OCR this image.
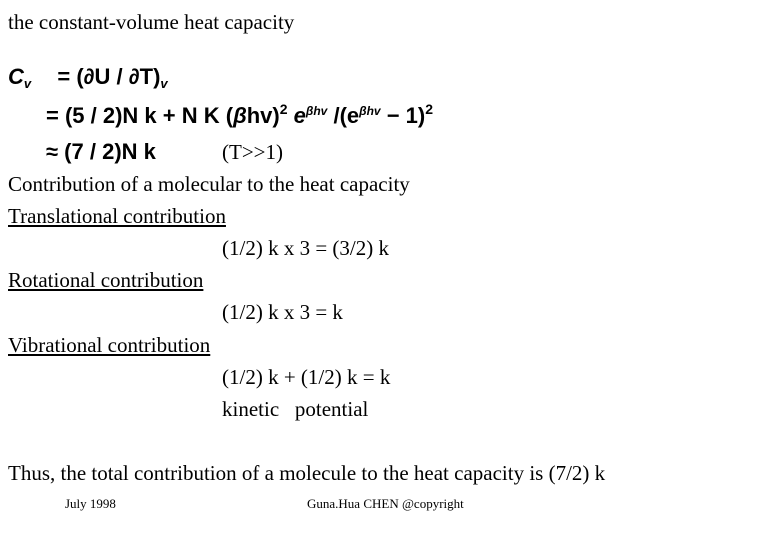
the constant-volume heat capacity
$C_v = (\partial U / \partial T)_v$
= (5 / 2)N k + N K $(\beta hv)^2$ $e^{\beta hv}$ $/(e^{\beta hv} - 1)^2$
≈ (7 / 2)N k	(T>>1)
Contribution of a molecular to the heat capacity
Translational contribution
(1/2) k x 3 = (3/2) k
Rotational contribution
(1/2) k x 3 = k
Vibrational contribution
(1/2) k + (1/2) k = k
kinetic   potential
Thus, the total contribution of a molecule to the heat capacity is (7/2) k
July 1998	Guna.Hua CHEN @copyright
